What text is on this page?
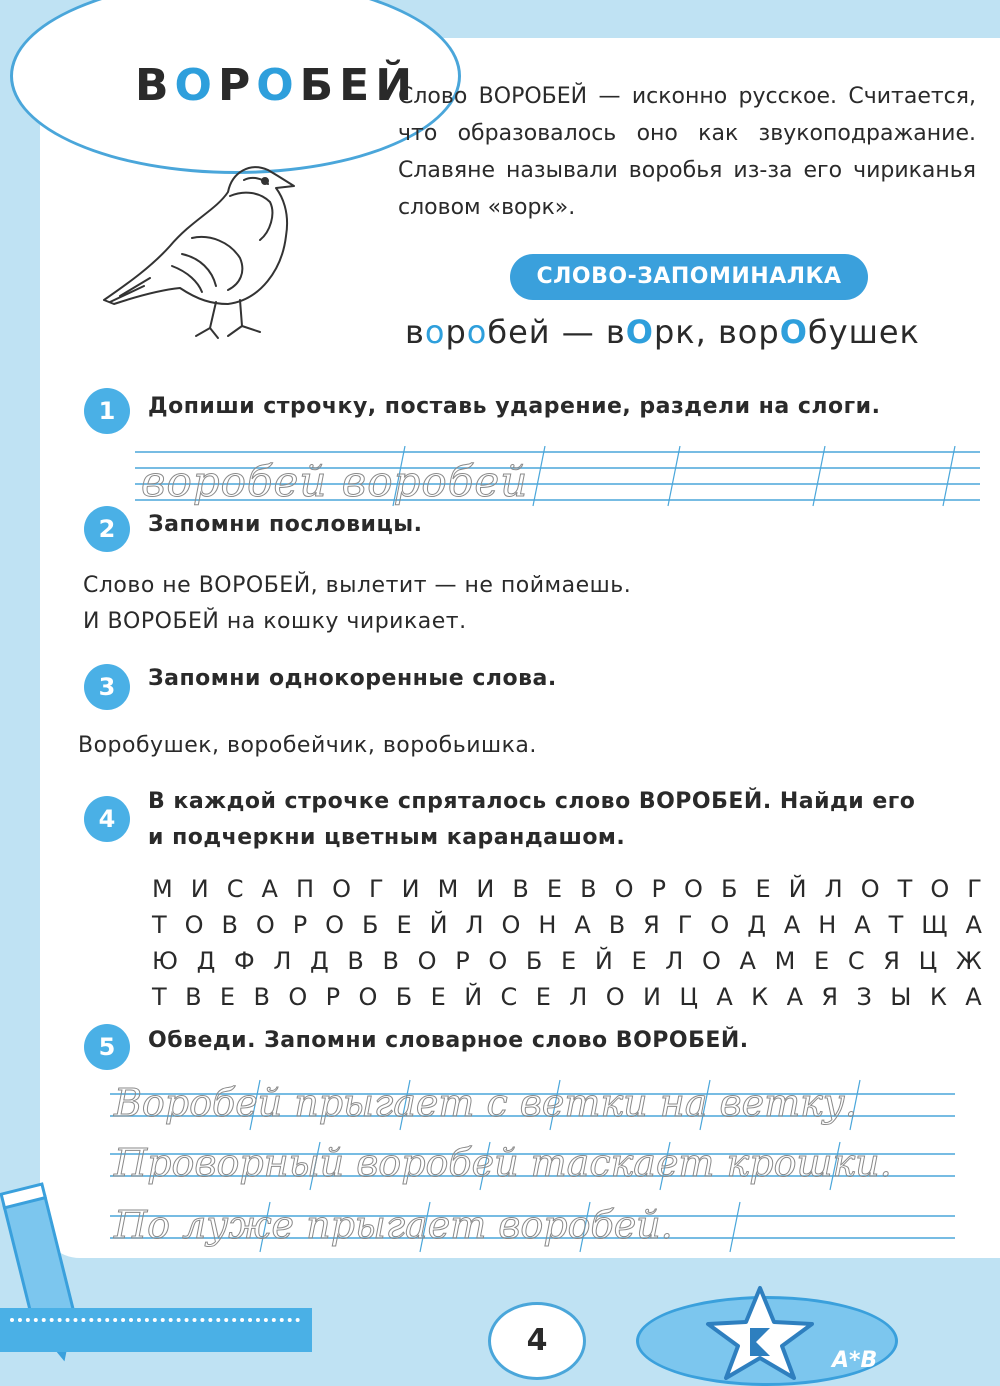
ВОРОБЕЙ
Слово ВОРОБЕЙ — исконно русское. Считается, что образовалось оно как звукоподражание. Славяне называли воробья из-за его чириканья словом «ворк».
СЛОВО-ЗАПОМИНАЛКА
воробей — вОрк, ворОбушек
1	Допиши строчку, поставь ударение, раздели на слоги.
воробей воробей
2	Запомни пословицы.
Слово не ВОРОБЕЙ, вылетит — не поймаешь.
И ВОРОБЕЙ на кошку чирикает.
3	Запомни однокоренные слова.
Воробушек, воробейчик, воробьишка.
4
В каждой строчке спряталось слово ВОРОБЕЙ. Найди его
и подчеркни цветным карандашом.
М И С А П О Г И М И В Е В О Р О Б Е Й Л О Т О Г
Т О В О Р О Б Е Й Л О Н А В Я Г О Д А Н А Т Щ А
Ю Д Ф Л Д В В О Р О Б Е Й Е Л О А М Е С Я Ц Ж
Т В Е В О Р О Б Е Й С Е Л О И Ц А К А Я З Ы К А
5	Обведи. Запомни словарное слово ВОРОБЕЙ.
Воробей прыгает с ветки на ветку.
Проворный воробей таскает крошки.
По луже прыгает воробей.
4
А*В
